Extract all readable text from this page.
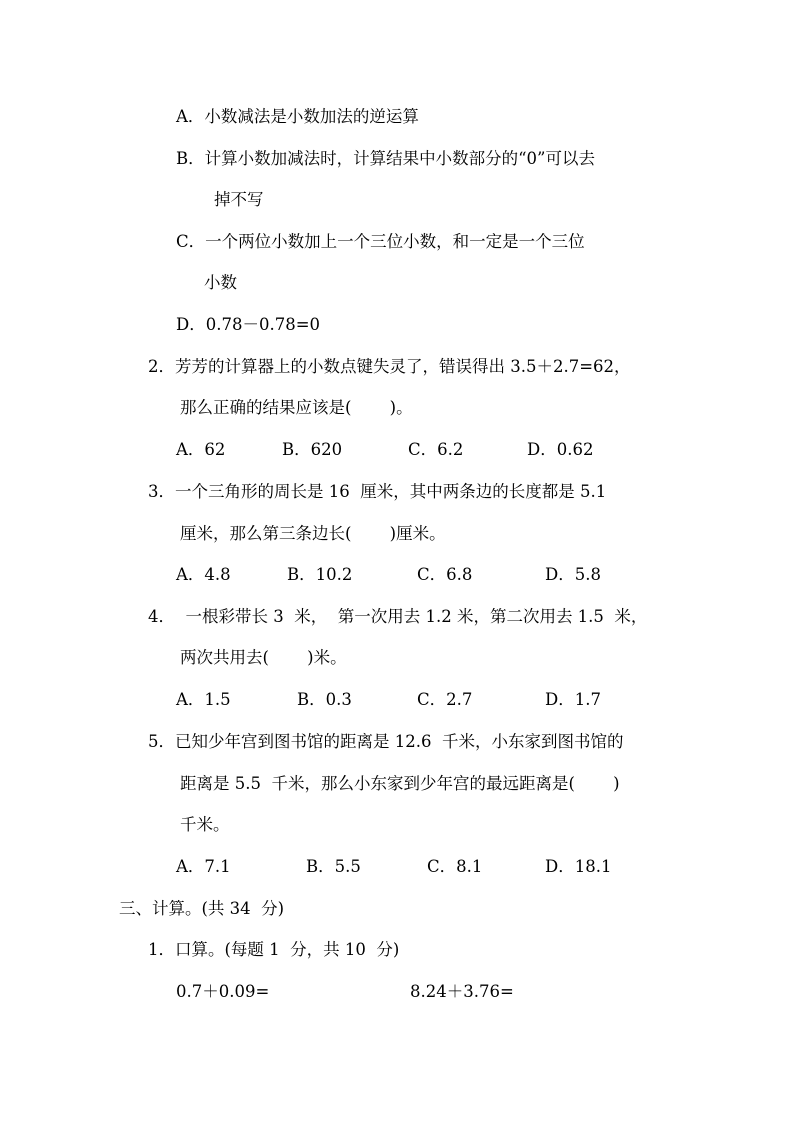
A．小数减法是小数加法的逆运算
B．计算小数加减法时，计算结果中小数部分的“0”可以去
掉不写
C．一个两位小数加上一个三位小数，和一定是一个三位
小数
D．0.78－0.78=0
2．芳芳的计算器上的小数点键失灵了，错误得出 3.5＋2.7=62，
那么正确的结果应该是(　　 )。
A．62	B．620	C．6.2	D．0.62
3．一个三角形的周长是 16  厘米，其中两条边的长度都是 5.1
厘米，那么第三条边长(　　 )厘米。
A．4.8	B．10.2	C．6.8	D．5.8
4．  一根彩带长 3  米，  第一次用去 1.2 米，第二次用去 1.5  米，
两次共用去(　　 )米。
A．1.5	B．0.3	C．2.7	D．1.7
5．已知少年宫到图书馆的距离是 12.6  千米，小东家到图书馆的
距离是 5.5  千米，那么小东家到少年宫的最远距离是(　　 )
千米。
A．7.1	B．5.5	C．8.1	D．18.1
三、计算。(共 34  分)
1．口算。(每题 1  分，共 10  分)
0.7＋0.09=	8.24＋3.76=
